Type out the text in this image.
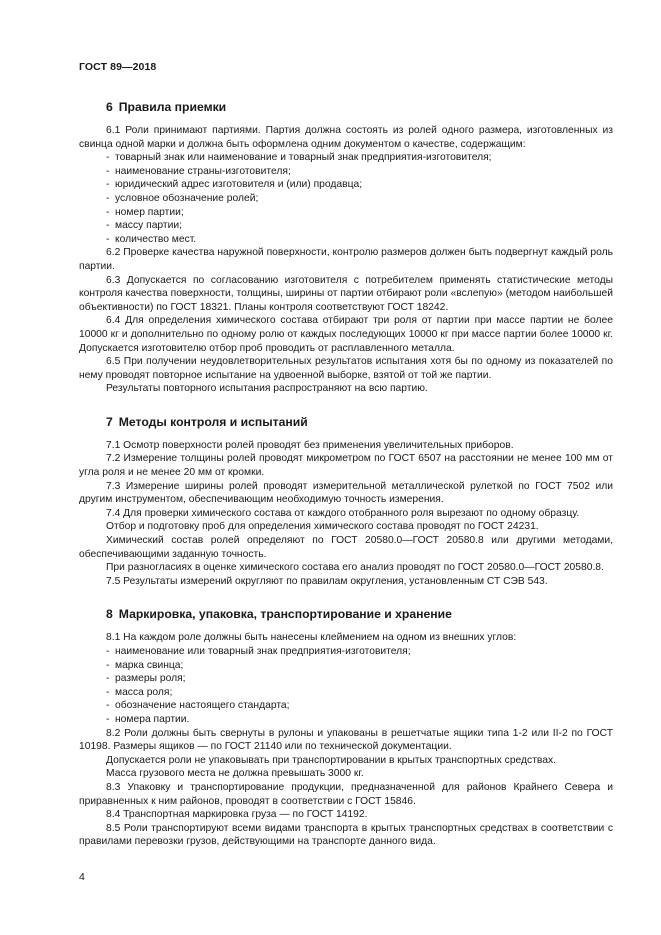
ГОСТ 89—2018
6 Правила приемки

6.1 Роли принимают партиями. Партия должна состоять из ролей одного размера, изготовленных из свинца одной марки и должна быть оформлена одним документом о качестве, содержащим:

- товарный знак или наименование и товарный знак предприятия-изготовителя;
- наименование страны-изготовителя;
- юридический адрес изготовителя и (или) продавца;
- условное обозначение ролей;
- номер партии;
- массу партии;
- количество мест.

6.2 Проверке качества наружной поверхности, контролю размеров должен быть подвергнут каждый роль партии.

6.3 Допускается по согласованию изготовителя с потребителем применять статистические методы контроля качества поверхности, толщины, ширины от партии отбирают роли «вслепую» (методом наибольшей объективности) по ГОСТ 18321. Планы контроля соответствуют ГОСТ 18242.

6.4 Для определения химического состава отбирают три роля от партии при массе партии не более 10000 кг и дополнительно по одному ролю от каждых последующих 10000 кг при массе партии более 10000 кг. Допускается изготовителю отбор проб проводить от расплавленного металла.

6.5 При получении неудовлетворительных результатов испытания хотя бы по одному из показателей по нему проводят повторное испытание на удвоенной выборке, взятой от той же партии.

Результаты повторного испытания распространяют на всю партию.

7 Методы контроля и испытаний

7.1 Осмотр поверхности ролей проводят без применения увеличительных приборов.

7.2 Измерение толщины ролей проводят микрометром по ГОСТ 6507 на расстоянии не менее 100 мм от угла роля и не менее 20 мм от кромки.

7.3 Измерение ширины ролей проводят измерительной металлической рулеткой по ГОСТ 7502 или другим инструментом, обеспечивающим необходимую точность измерения.

7.4 Для проверки химического состава от каждого отобранного роля вырезают по одному образцу.

Отбор и подготовку проб для определения химического состава проводят по ГОСТ 24231.

Химический состав ролей определяют по ГОСТ 20580.0—ГОСТ 20580.8 или другими методами, обеспечивающими заданную точность.

При разногласиях в оценке химического состава его анализ проводят по ГОСТ 20580.0—ГОСТ 20580.8.

7.5 Результаты измерений округляют по правилам округления, установленным СТ СЭВ 543.

8 Маркировка, упаковка, транспортирование и хранение

8.1 На каждом роле должны быть нанесены клеймением на одном из внешних углов:

- наименование или товарный знак предприятия-изготовителя;
- марка свинца;
- размеры роля;
- масса роля;
- обозначение настоящего стандарта;
- номера партии.

8.2 Роли должны быть свернуты в рулоны и упакованы в решетчатые ящики типа 1-2 или II-2 по ГОСТ 10198. Размеры ящиков — по ГОСТ 21140 или по технической документации.

Допускается роли не упаковывать при транспортировании в крытых транспортных средствах.

Масса грузового места не должна превышать 3000 кг.

8.3 Упаковку и транспортирование продукции, предназначенной для районов Крайнего Севера и приравненных к ним районов, проводят в соответствии с ГОСТ 15846.

8.4 Транспортная маркировка груза — по ГОСТ 14192.

8.5 Роли транспортируют всеми видами транспорта в крытых транспортных средствах в соответствии с правилами перевозки грузов, действующими на транспорте данного вида.

4
